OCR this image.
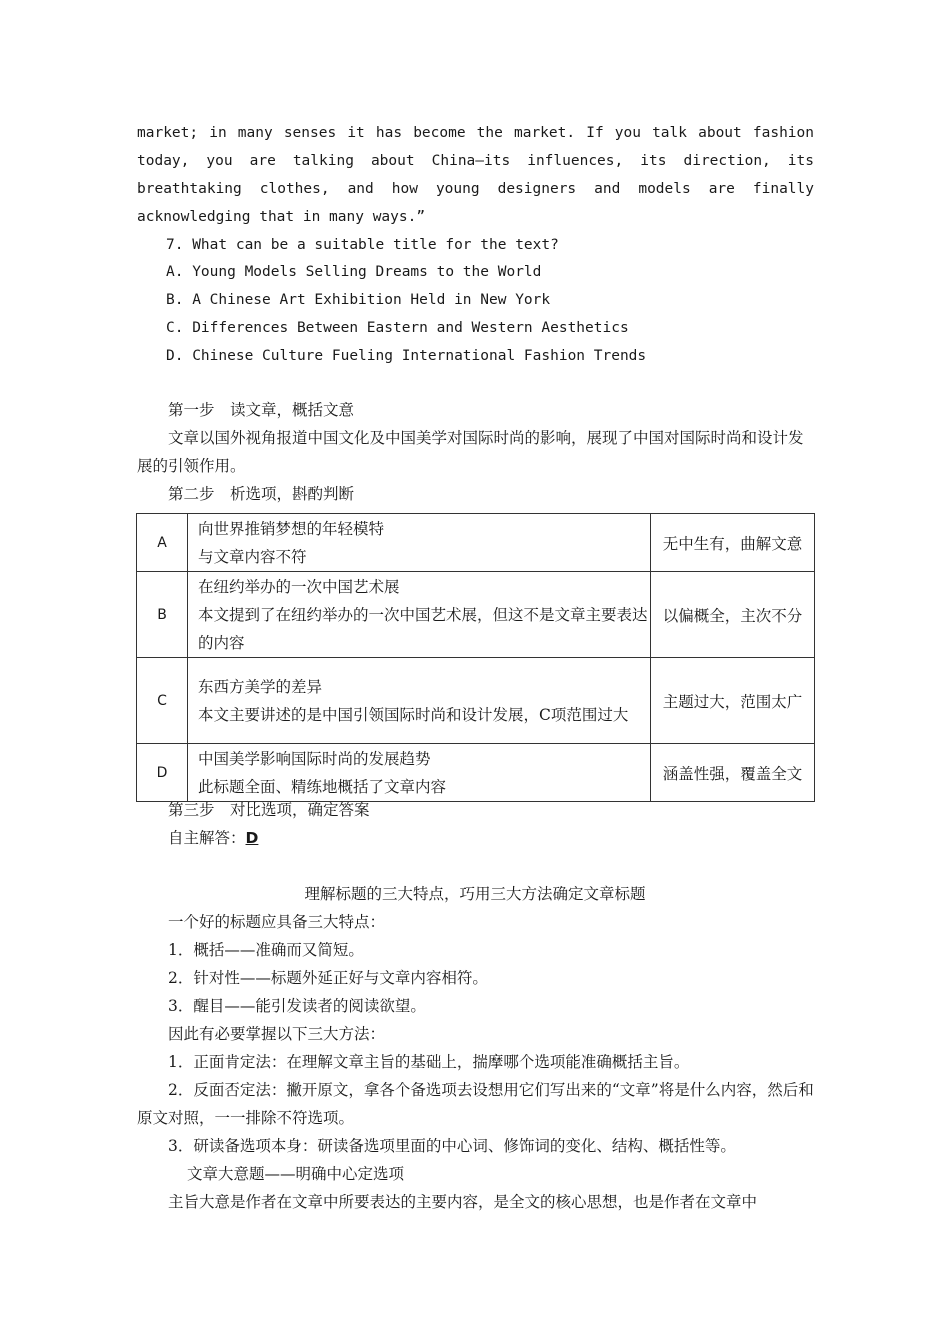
market; in many senses it has become the market. If you talk about fashion
today, you are talking about China—its influences, its direction, its
breathtaking clothes, and how young designers and models are finally
acknowledging that in many ways.”
7. What can be a suitable title for the text?
A. Young Models Selling Dreams to the World
B. A Chinese Art Exhibition Held in New York
C. Differences Between Eastern and Western Aesthetics
D. Chinese Culture Fueling International Fashion Trends
第一步　读文章，概括文意
文章以国外视角报道中国文化及中国美学对国际时尚的影响，展现了中国对国际时尚和设计发展的引领作用。
第二步　析选项，斟酌判断
A	向世界推销梦想的年轻模特
与文章内容不符	无中生有，曲解文意
B	在纽约举办的一次中国艺术展
本文提到了在纽约举办的一次中国艺术展，但这不是文章主要表达的内容	以偏概全，主次不分
C	东西方美学的差异
本文主要讲述的是中国引领国际时尚和设计发展，C项范围过大	主题过大，范围太广
D	中国美学影响国际时尚的发展趋势
此标题全面、精练地概括了文章内容	涵盖性强，覆盖全文
第三步　对比选项，确定答案
自主解答：D
理解标题的三大特点，巧用三大方法确定文章标题
一个好的标题应具备三大特点：
1．概括——准确而又简短。
2．针对性——标题外延正好与文章内容相符。
3．醒目——能引发读者的阅读欲望。
因此有必要掌握以下三大方法：
1．正面肯定法：在理解文章主旨的基础上，揣摩哪个选项能准确概括主旨。
2．反面否定法：撇开原文，拿各个备选项去设想用它们写出来的“文章”将是什么内容，然后和原文对照，一一排除不符选项。
3．研读备选项本身：研读备选项里面的中心词、修饰词的变化、结构、概括性等。
文章大意题——明确中心定选项
主旨大意是作者在文章中所要表达的主要内容，是全文的核心思想，也是作者在文章中
